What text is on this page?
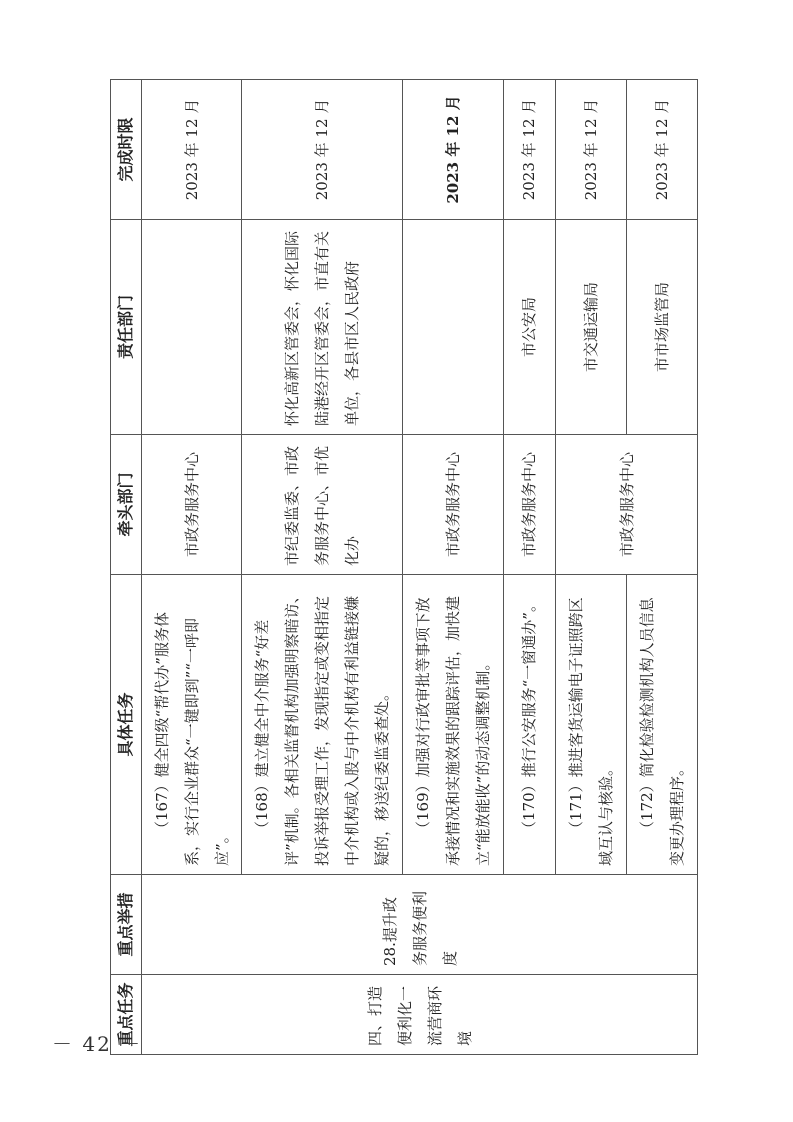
重点任务	重点举措	具体任务	牵头部门	责任部门	完成时限
四、打造便利化一流营商环境	28.提升政务服务便利度	（167）健全四级“帮代办”服务体系，实行企业群众“一键即到”“一呼即应”。	市政务服务中心		2023 年 12 月
		（168）建立健全中介服务“好差评”机制。各相关监督机构加强明察暗访、投诉举报受理工作，发现指定或变相指定中介机构或入股与中介机构有利益链接嫌疑的，移送纪委监委查处。	市纪委监委、市政务服务中心、市优化办	怀化高新区管委会，怀化国际陆港经开区管委会，市直有关单位，各县市区人民政府	2023 年 12 月
		（169）加强对行政审批等事项下放承接情况和实施效果的跟踪评估，加快建立“能放能收”的动态调整机制。	市政务服务中心		2023 年 12 月
		（170）推行公安服务“一窗通办”。	市政务服务中心	市公安局	2023 年 12 月
		（171）推进客货运输电子证照跨区域互认与核验。	市政务服务中心	市交通运输局	2023 年 12 月
		（172）简化检验检测机构人员信息变更办理程序。		市市场监管局	2023 年 12 月
－ 42 －
